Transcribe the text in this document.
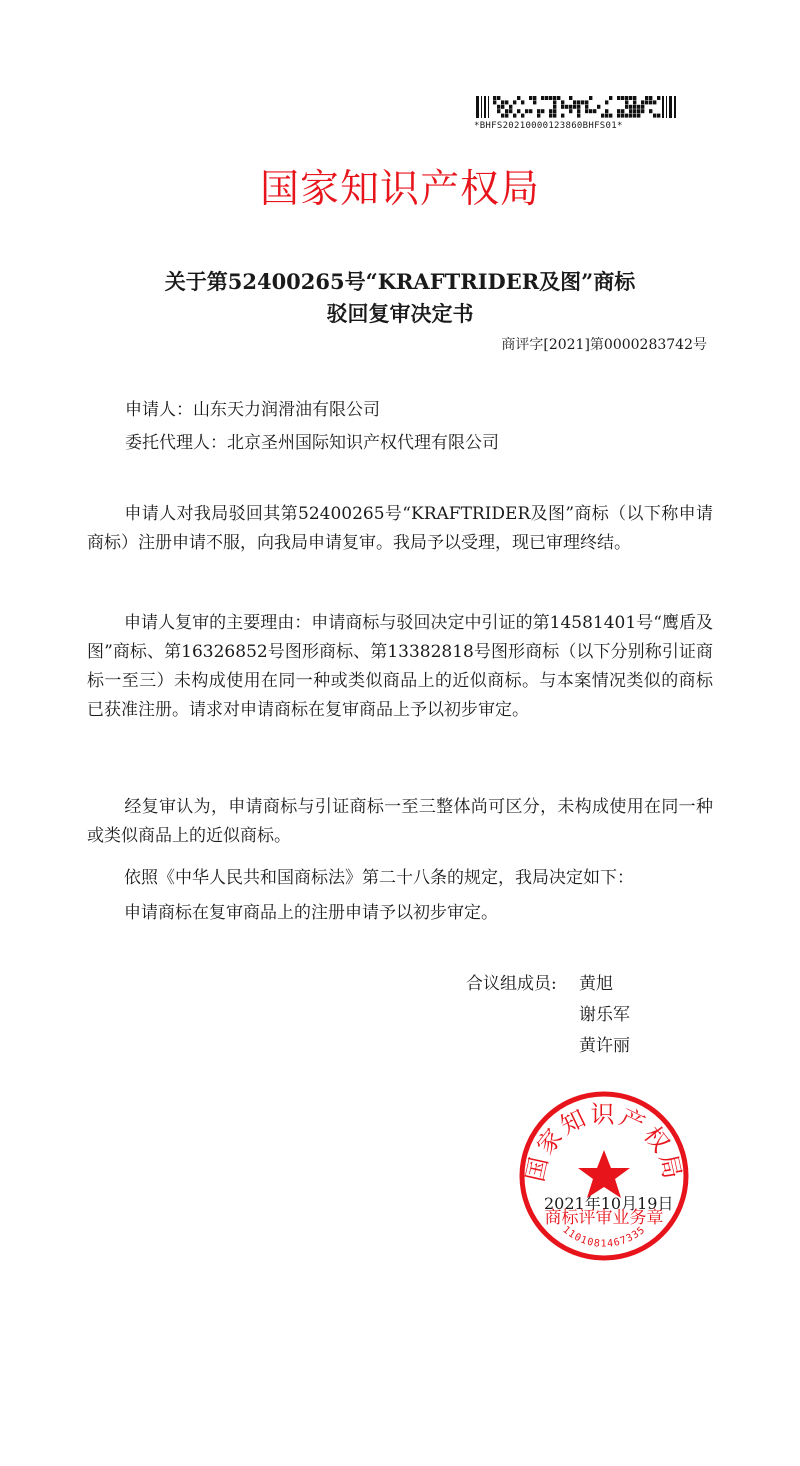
*BHFS20210000123860BHFS01*
国家知识产权局
关于第52400265号“KRAFTRIDER及图”商标
驳回复审决定书
商评字[2021]第0000283742号
申请人：山东天力润滑油有限公司
委托代理人：北京圣州国际知识产权代理有限公司

申请人对我局驳回其第52400265号“KRAFTRIDER及图”商标（以下称申请商标）注册申请不服，向我局申请复审。我局予以受理，现已审理终结。

申请人复审的主要理由：申请商标与驳回决定中引证的第14581401号“鹰盾及图”商标、第16326852号图形商标、第13382818号图形商标（以下分别称引证商标一至三）未构成使用在同一种或类似商品上的近似商标。与本案情况类似的商标已获准注册。请求对申请商标在复审商品上予以初步审定。

经复审认为，申请商标与引证商标一至三整体尚可区分，未构成使用在同一种或类似商品上的近似商标。

依照《中华人民共和国商标法》第二十八条的规定，我局决定如下：

申请商标在复审商品上的注册申请予以初步审定。

合议组成员: 黄旭
谢乐军
黄许丽
2021年10月19日
国家知识产权局
商标评审业务章
1101081467335
